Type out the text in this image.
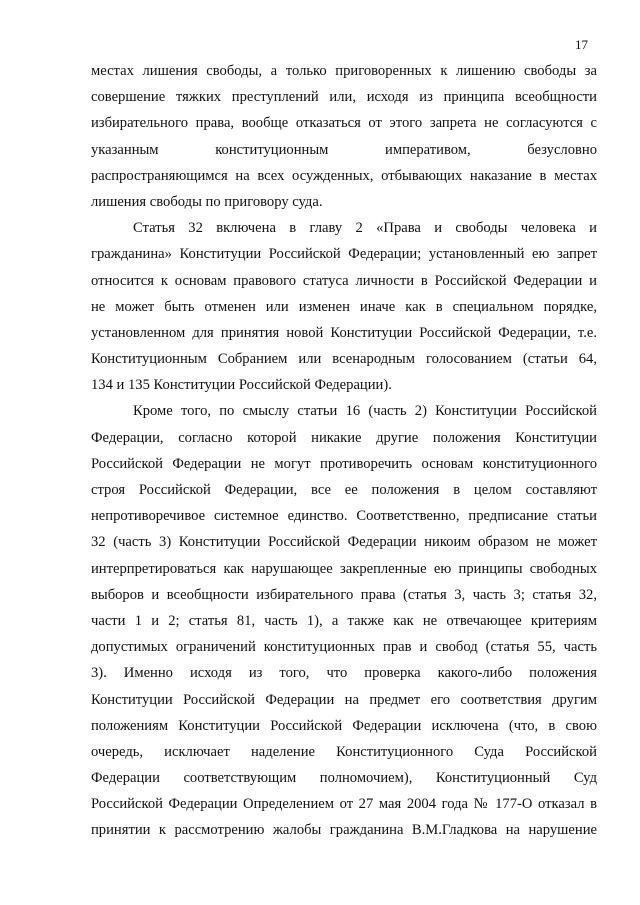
17
местах лишения свободы, а только приговоренных к лишению свободы за
совершение тяжких преступлений или, исходя из принципа всеобщности
избирательного права, вообще отказаться от этого запрета не согласуются с
указанным конституционным императивом, безусловно
распространяющимся на всех осужденных, отбывающих наказание в местах
лишения свободы по приговору суда.
Статья 32 включена в главу 2 «Права и свободы человека и
гражданина» Конституции Российской Федерации; установленный ею запрет
относится к основам правового статуса личности в Российской Федерации и
не может быть отменен или изменен иначе как в специальном порядке,
установленном для принятия новой Конституции Российской Федерации, т.е.
Конституционным Собранием или всенародным голосованием (статьи 64,
134 и 135 Конституции Российской Федерации).
Кроме того, по смыслу статьи 16 (часть 2) Конституции Российской
Федерации, согласно которой никакие другие положения Конституции
Российской Федерации не могут противоречить основам конституционного
строя Российской Федерации, все ее положения в целом составляют
непротиворечивое системное единство. Соответственно, предписание статьи
32 (часть 3) Конституции Российской Федерации никоим образом не может
интерпретироваться как нарушающее закрепленные ею принципы свободных
выборов и всеобщности избирательного права (статья 3, часть 3; статья 32,
части 1 и 2; статья 81, часть 1), а также как не отвечающее критериям
допустимых ограничений конституционных прав и свобод (статья 55, часть
3). Именно исходя из того, что проверка какого-либо положения
Конституции Российской Федерации на предмет его соответствия другим
положениям Конституции Российской Федерации исключена (что, в свою
очередь, исключает наделение Конституционного Суда Российской
Федерации соответствующим полномочием), Конституционный Суд
Российской Федерации Определением от 27 мая 2004 года № 177-О отказал в
принятии к рассмотрению жалобы гражданина В.М.Гладкова на нарушение
